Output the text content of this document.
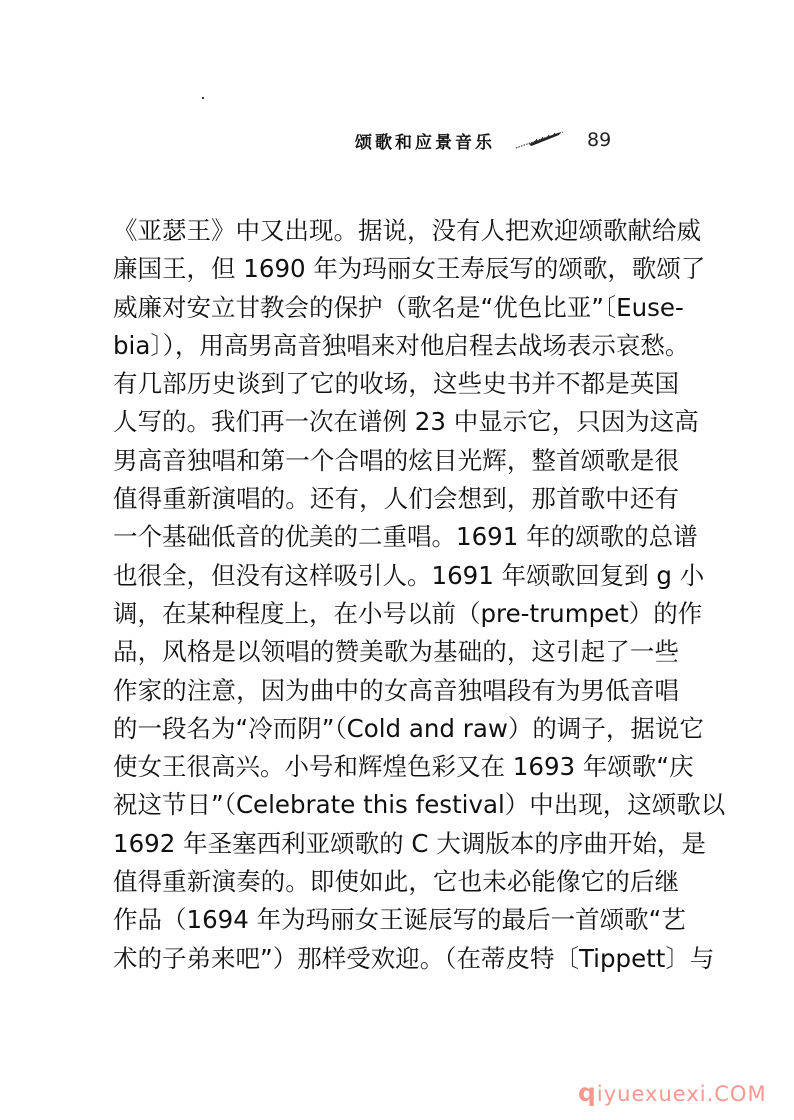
颂歌和应景音乐	89
《亚瑟王》中又出现。据说，没有人把欢迎颂歌献给威
廉国王，但 1690 年为玛丽女王寿辰写的颂歌，歌颂了
威廉对安立甘教会的保护（歌名是“优色比亚”〔Euse-
bia〕），用高男高音独唱来对他启程去战场表示哀愁。
有几部历史谈到了它的收场，这些史书并不都是英国
人写的。我们再一次在谱例 23 中显示它，只因为这高
男高音独唱和第一个合唱的炫目光辉，整首颂歌是很
值得重新演唱的。还有，人们会想到，那首歌中还有
一个基础低音的优美的二重唱。1691 年的颂歌的总谱
也很全，但没有这样吸引人。1691 年颂歌回复到 g 小
调，在某种程度上，在小号以前（pre-trumpet）的作
品，风格是以领唱的赞美歌为基础的，这引起了一些
作家的注意，因为曲中的女高音独唱段有为男低音唱
的一段名为“冷而阴”（Cold and raw）的调子，据说它
使女王很高兴。小号和辉煌色彩又在 1693 年颂歌“庆
祝这节日”（Celebrate this festival）中出现，这颂歌以
1692 年圣塞西利亚颂歌的 C 大调版本的序曲开始，是
值得重新演奏的。即使如此，它也未必能像它的后继
作品（1694 年为玛丽女王诞辰写的最后一首颂歌“艺
术的子弟来吧”）那样受欢迎。（在蒂皮特〔Tippett〕与
qiyuexuexi.COM
